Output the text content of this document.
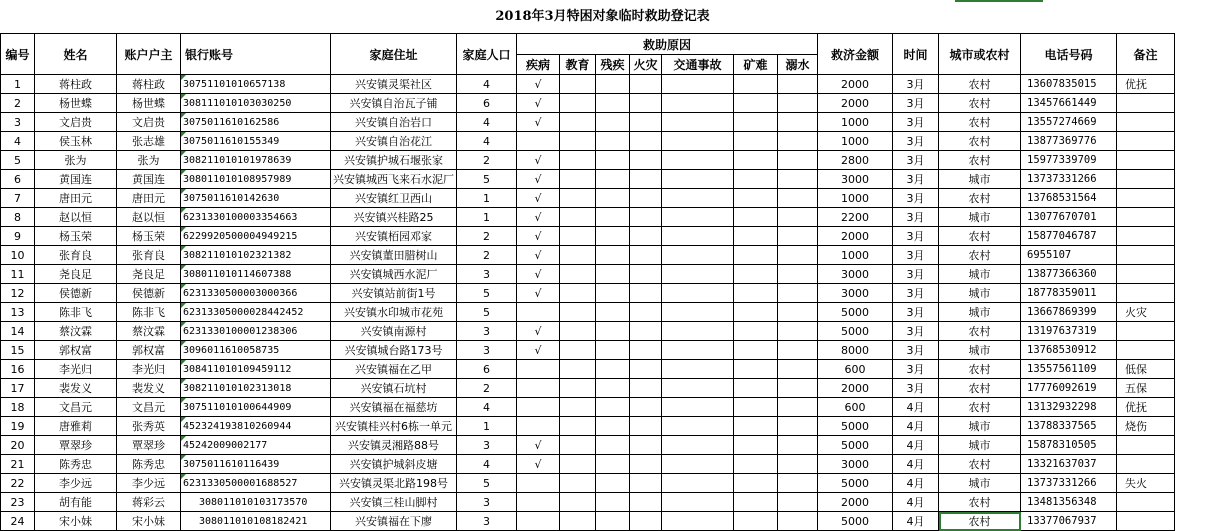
2018年3月特困对象临时救助登记表
编号	姓名	账户户主	银行账号	家庭住址	家庭人口	救助原因							救济金额	时间	城市或农村	电话号码	备注
						疾病	教育	残疾	火灾	交通事故	矿难	溺水					
1	蒋柱政	蒋柱政	30751101010657138	兴安镇灵渠社区	4	√							2000	3月	农村	13607835015	优抚
2	杨世蝶	杨世蝶	30811101010303025​0	兴安镇自治瓦子铺	6	√							2000	3月	农村	13457661449	
3	文启贵	文启贵	3075011610162586	兴安镇自治岩口	4	√							1000	3月	农村	13557274669	
4	侯玉林	张志雄	3075011610155349	兴安镇自治花江	4								1000	3月	农村	13877369776	
5	张为	张为	30821101010197863​9	兴安镇护城石堰张家	2	√							2800	3月	农村	15977339709	
6	黄国连	黄国连	30801101010895798​9	兴安镇城西飞来石水泥厂	5	√							3000	3月	城市	13737331266	
7	唐田元	唐田元	3075011610142630	兴安镇红卫西山	1	√							1000	3月	农村	13768531564	
8	赵以恒	赵以恒	623133010000335466​3	兴安镇兴桂路25	1	√							2200	3月	城市	13077670701	
9	杨玉荣	杨玉荣	622992050000494921​5	兴安镇栢园邓家	2	√							2000	3月	农村	15877046787	
10	张育良	张育良	30821101010232138​2	兴安镇董田腊树山	2	√							1000	3月	农村	6955107	
11	尧良足	尧良足	30801101011460738​8	兴安镇城西水泥厂	3	√							3000	3月	城市	13877366360	
12	侯德新	侯德新	623133050000300036​6	兴安镇站前街1号	5	√							3000	3月	城市	18778359011	
13	陈非飞	陈非飞	623133050000284424​52	兴安镇水印城市花苑	5								5000	3月	城市	13667869399	火灾
14	蔡汶霖	蔡汶霖	623133010000123830​6	兴安镇南源村	3	√							5000	3月	农村	13197637319	
15	郭权富	郭权富	3096011610058735	兴安镇城台路173号	3	√							8000	3月	城市	13768530912	
16	李光归	李光归	30841101010945911​2	兴安镇福在乙甲	6								600	3月	农村	13557561109	低保
17	裴发义	裴发义	30821101010231301​8	兴安镇石坑村	2								2000	3月	农村	17776092619	五保
18	文昌元	文昌元	30751101010064490​9	兴安镇福在福慈坊	4								600	4月	农村	13132932298	优抚
19	唐雅莉	张秀英	452324193810260944	兴安镇桂兴村6栋一单元	1								5000	4月	城市	13788337565	烧伤
20	覃翠珍	覃翠珍	45242009002177	兴安镇灵湘路88号	3	√							5000	4月	城市	15878310505	
21	陈秀忠	陈秀忠	3075011610116439	兴安镇护城斜皮塘	4	√							3000	4月	农村	13321637037	
22	李少远	李少远	623133050000168852​7	兴安镇灵渠北路198号	5								5000	4月	城市	13737331266	失火
23	胡有能	蒋彩云	30801101010317357​0	兴安镇三桂山脚村	3								2000	4月	农村	13481356348	
24	宋小妹	宋小妹	30801101010818242​1	兴安镇福在下廖	3								5000	4月	农村	13377067937	
